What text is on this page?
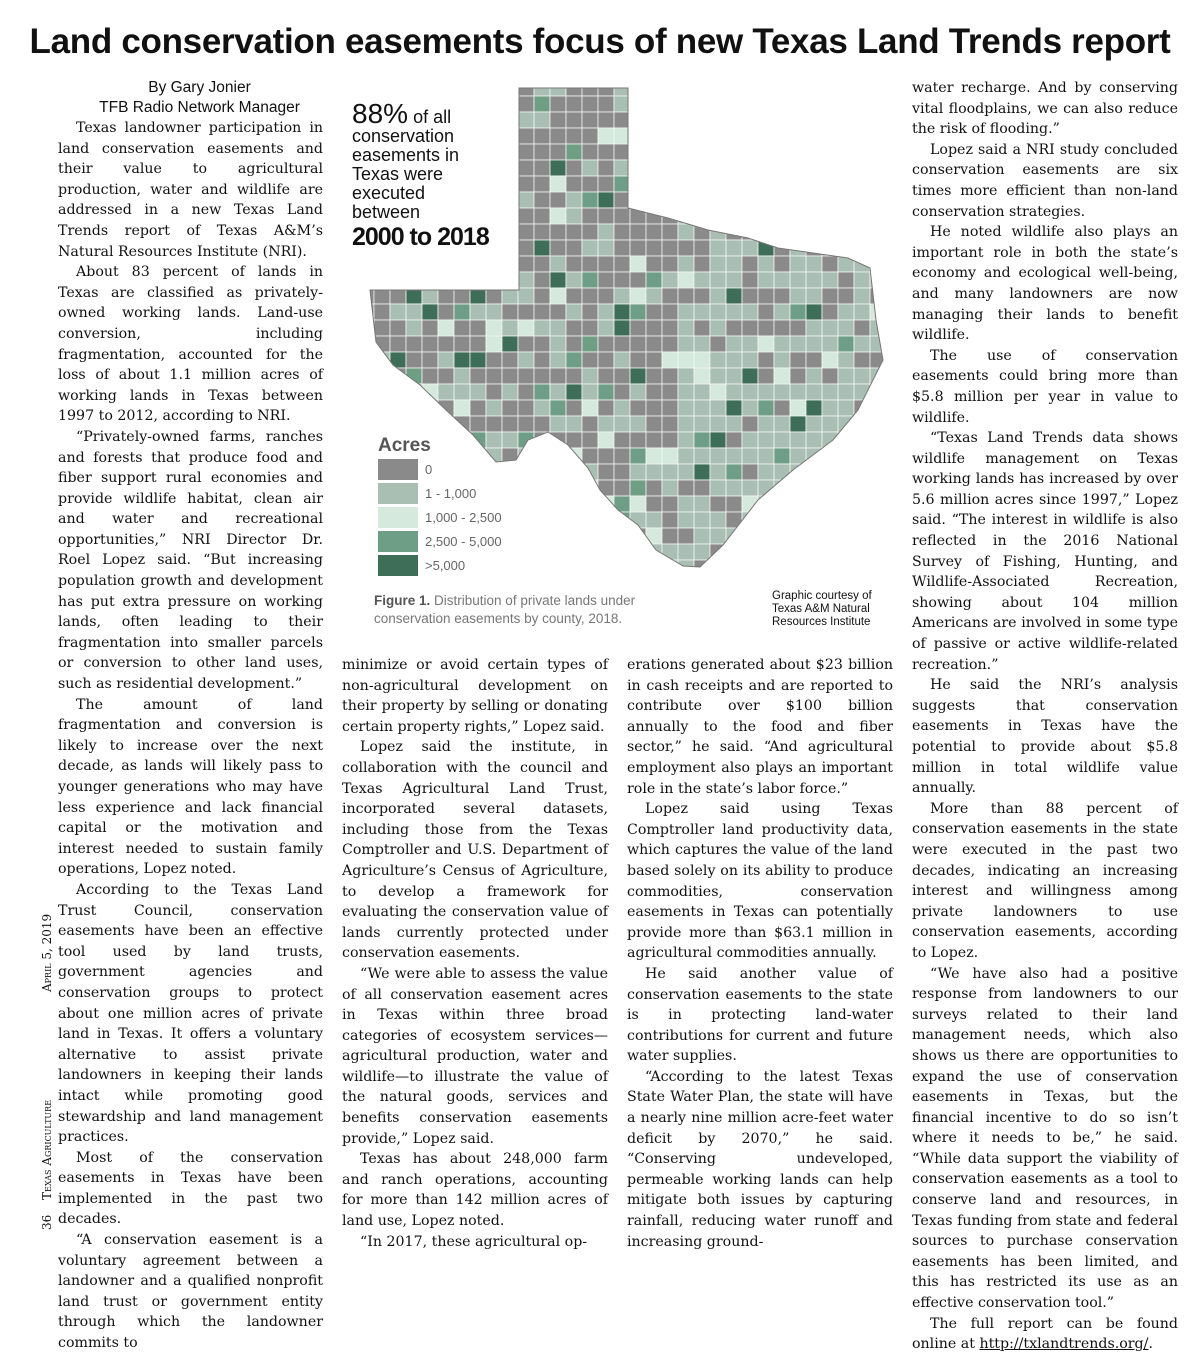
Land conservation easements focus of new Texas Land Trends report
36
Texas Agriculture
April 5, 2019

By Gary Jonier

TFB Radio Network Manager

Texas landowner participation in land conservation easements and their value to agricultural production, water and wildlife are addressed in a new Texas Land Trends report of Texas A&M’s Natural Resources Institute (NRI).

About 83 percent of lands in Texas are classified as privately-owned working lands. Land-use conversion, including fragmentation, accounted for the loss of about 1.1 million acres of working lands in Texas between 1997 to 2012, according to NRI.

“Privately-owned farms, ranches and forests that produce food and fiber support rural economies and provide wildlife habitat, clean air and water and recreational opportunities,” NRI Director Dr. Roel Lopez said. “But increasing population growth and development has put extra pressure on working lands, often leading to their fragmentation into smaller parcels or conversion to other land uses, such as residential development.”

The amount of land fragmentation and conversion is likely to increase over the next decade, as lands will likely pass to younger generations who may have less experience and lack financial capital or the motivation and interest needed to sustain family operations, Lopez noted.

According to the Texas Land Trust Council, conservation easements have been an effective tool used by land trusts, government agencies and conservation groups to protect about one million acres of private land in Texas. It offers a voluntary alternative to assist private landowners in keeping their lands intact while promoting good stewardship and land management practices.

Most of the conservation easements in Texas have been implemented in the past two decades.

“A conservation easement is a voluntary agreement between a landowner and a qualified nonprofit land trust or government entity through which the landowner commits to

88% of all
conservation
easements in
Texas were
executed
between
2000 to 2018
Acres
0
1 - 1,000
1,000 - 2,500
2,500 - 5,000
>5,000
Figure 1. Distribution of private lands under conservation easements by county, 2018.
Graphic courtesy of
Texas A&M Natural
Resources Institute

minimize or avoid certain types of non-agricultural development on their property by selling or donating certain property rights,” Lopez said.

Lopez said the institute, in collaboration with the council and Texas Agricultural Land Trust, incorporated several datasets, including those from the Texas Comptroller and U.S. Department of Agriculture’s Census of Agriculture, to develop a framework for evaluating the conservation value of lands currently protected under conservation easements.

“We were able to assess the value of all conservation easement acres in Texas within three broad categories of ecosystem services—agricultural production, water and wildlife—to illustrate the value of the natural goods, services and benefits conservation easements provide,” Lopez said.

Texas has about 248,000 farm and ranch operations, accounting for more than 142 million acres of land use, Lopez noted.

“In 2017, these agricultural op-

erations generated about $23 billion in cash receipts and are reported to contribute over $100 billion annually to the food and fiber sector,” he said. “And agricultural employment also plays an important role in the state’s labor force.”

Lopez said using Texas Comptroller land productivity data, which captures the value of the land based solely on its ability to produce commodities, conservation easements in Texas can potentially provide more than $63.1 million in agricultural commodities annually.

He said another value of conservation easements to the state is in protecting land-water contributions for current and future water supplies.

“According to the latest Texas State Water Plan, the state will have a nearly nine million acre-feet water deficit by 2070,” he said. “Conserving undeveloped, permeable working lands can help mitigate both issues by capturing rainfall, reducing water runoff and increasing ground-

water recharge. And by conserving vital floodplains, we can also reduce the risk of flooding.”

Lopez said a NRI study concluded conservation easements are six times more efficient than non-land conservation strategies.

He noted wildlife also plays an important role in both the state’s economy and ecological well-being, and many landowners are now managing their lands to benefit wildlife.

The use of conservation easements could bring more than $5.8 million per year in value to wildlife.

“Texas Land Trends data shows wildlife management on Texas working lands has increased by over 5.6 million acres since 1997,” Lopez said. “The interest in wildlife is also reflected in the 2016 National Survey of Fishing, Hunting, and Wildlife-Associated Recreation, showing about 104 million Americans are involved in some type of passive or active wildlife-related recreation.”

He said the NRI’s analysis suggests that conservation easements in Texas have the potential to provide about $5.8 million in total wildlife value annually.

More than 88 percent of conservation easements in the state were executed in the past two decades, indicating an increasing interest and willingness among private landowners to use conservation easements, according to Lopez.

“We have also had a positive response from landowners to our surveys related to their land management needs, which also shows us there are opportunities to expand the use of conservation easements in Texas, but the financial incentive to do so isn’t where it needs to be,” he said. “While data support the viability of conservation easements as a tool to conserve land and resources, in Texas funding from state and federal sources to purchase conservation easements has been limited, and this has restricted its use as an effective conservation tool.”

The full report can be found online at http://txlandtrends.org/.
